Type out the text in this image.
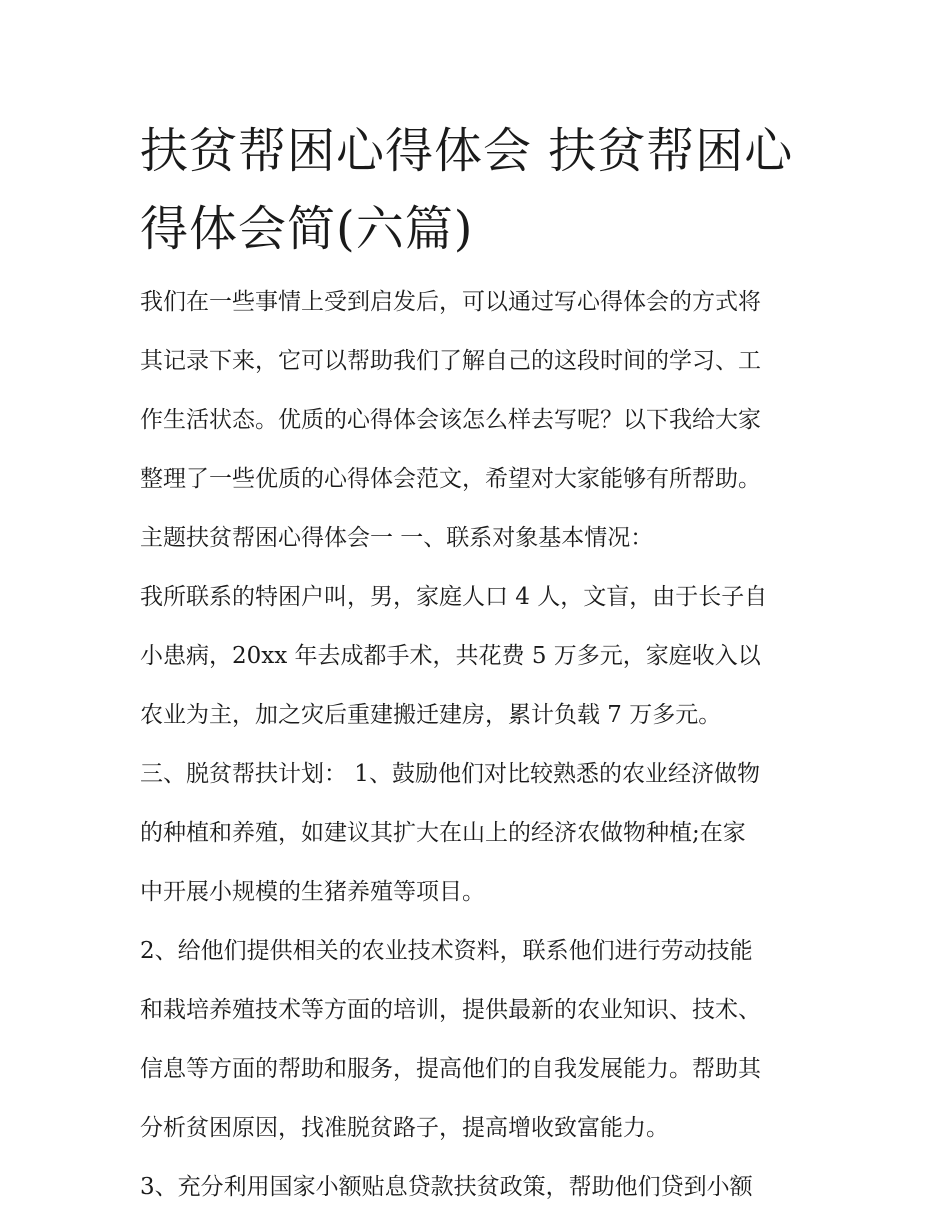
扶贫帮困心得体会 扶贫帮困心
得体会简(六篇)
我们在一些事情上受到启发后，可以通过写心得体会的方式将
其记录下来，它可以帮助我们了解自己的这段时间的学习、工
作生活状态。优质的心得体会该怎么样去写呢？以下我给大家
整理了一些优质的心得体会范文，希望对大家能够有所帮助。
主题扶贫帮困心得体会一 一、联系对象基本情况：
我所联系的特困户叫，男，家庭人口 4 人，文盲，由于长子自
小患病，20xx 年去成都手术，共花费 5 万多元，家庭收入以
农业为主，加之灾后重建搬迁建房，累计负载 7 万多元。
三、脱贫帮扶计划： 1、鼓励他们对比较熟悉的农业经济做物
的种植和养殖，如建议其扩大在山上的经济农做物种植;在家
中开展小规模的生猪养殖等项目。
2、给他们提供相关的农业技术资料，联系他们进行劳动技能
和栽培养殖技术等方面的培训，提供最新的农业知识、技术、
信息等方面的帮助和服务，提高他们的自我发展能力。帮助其
分析贫困原因，找准脱贫路子，提高增收致富能力。
3、充分利用国家小额贴息贷款扶贫政策，帮助他们贷到小额
